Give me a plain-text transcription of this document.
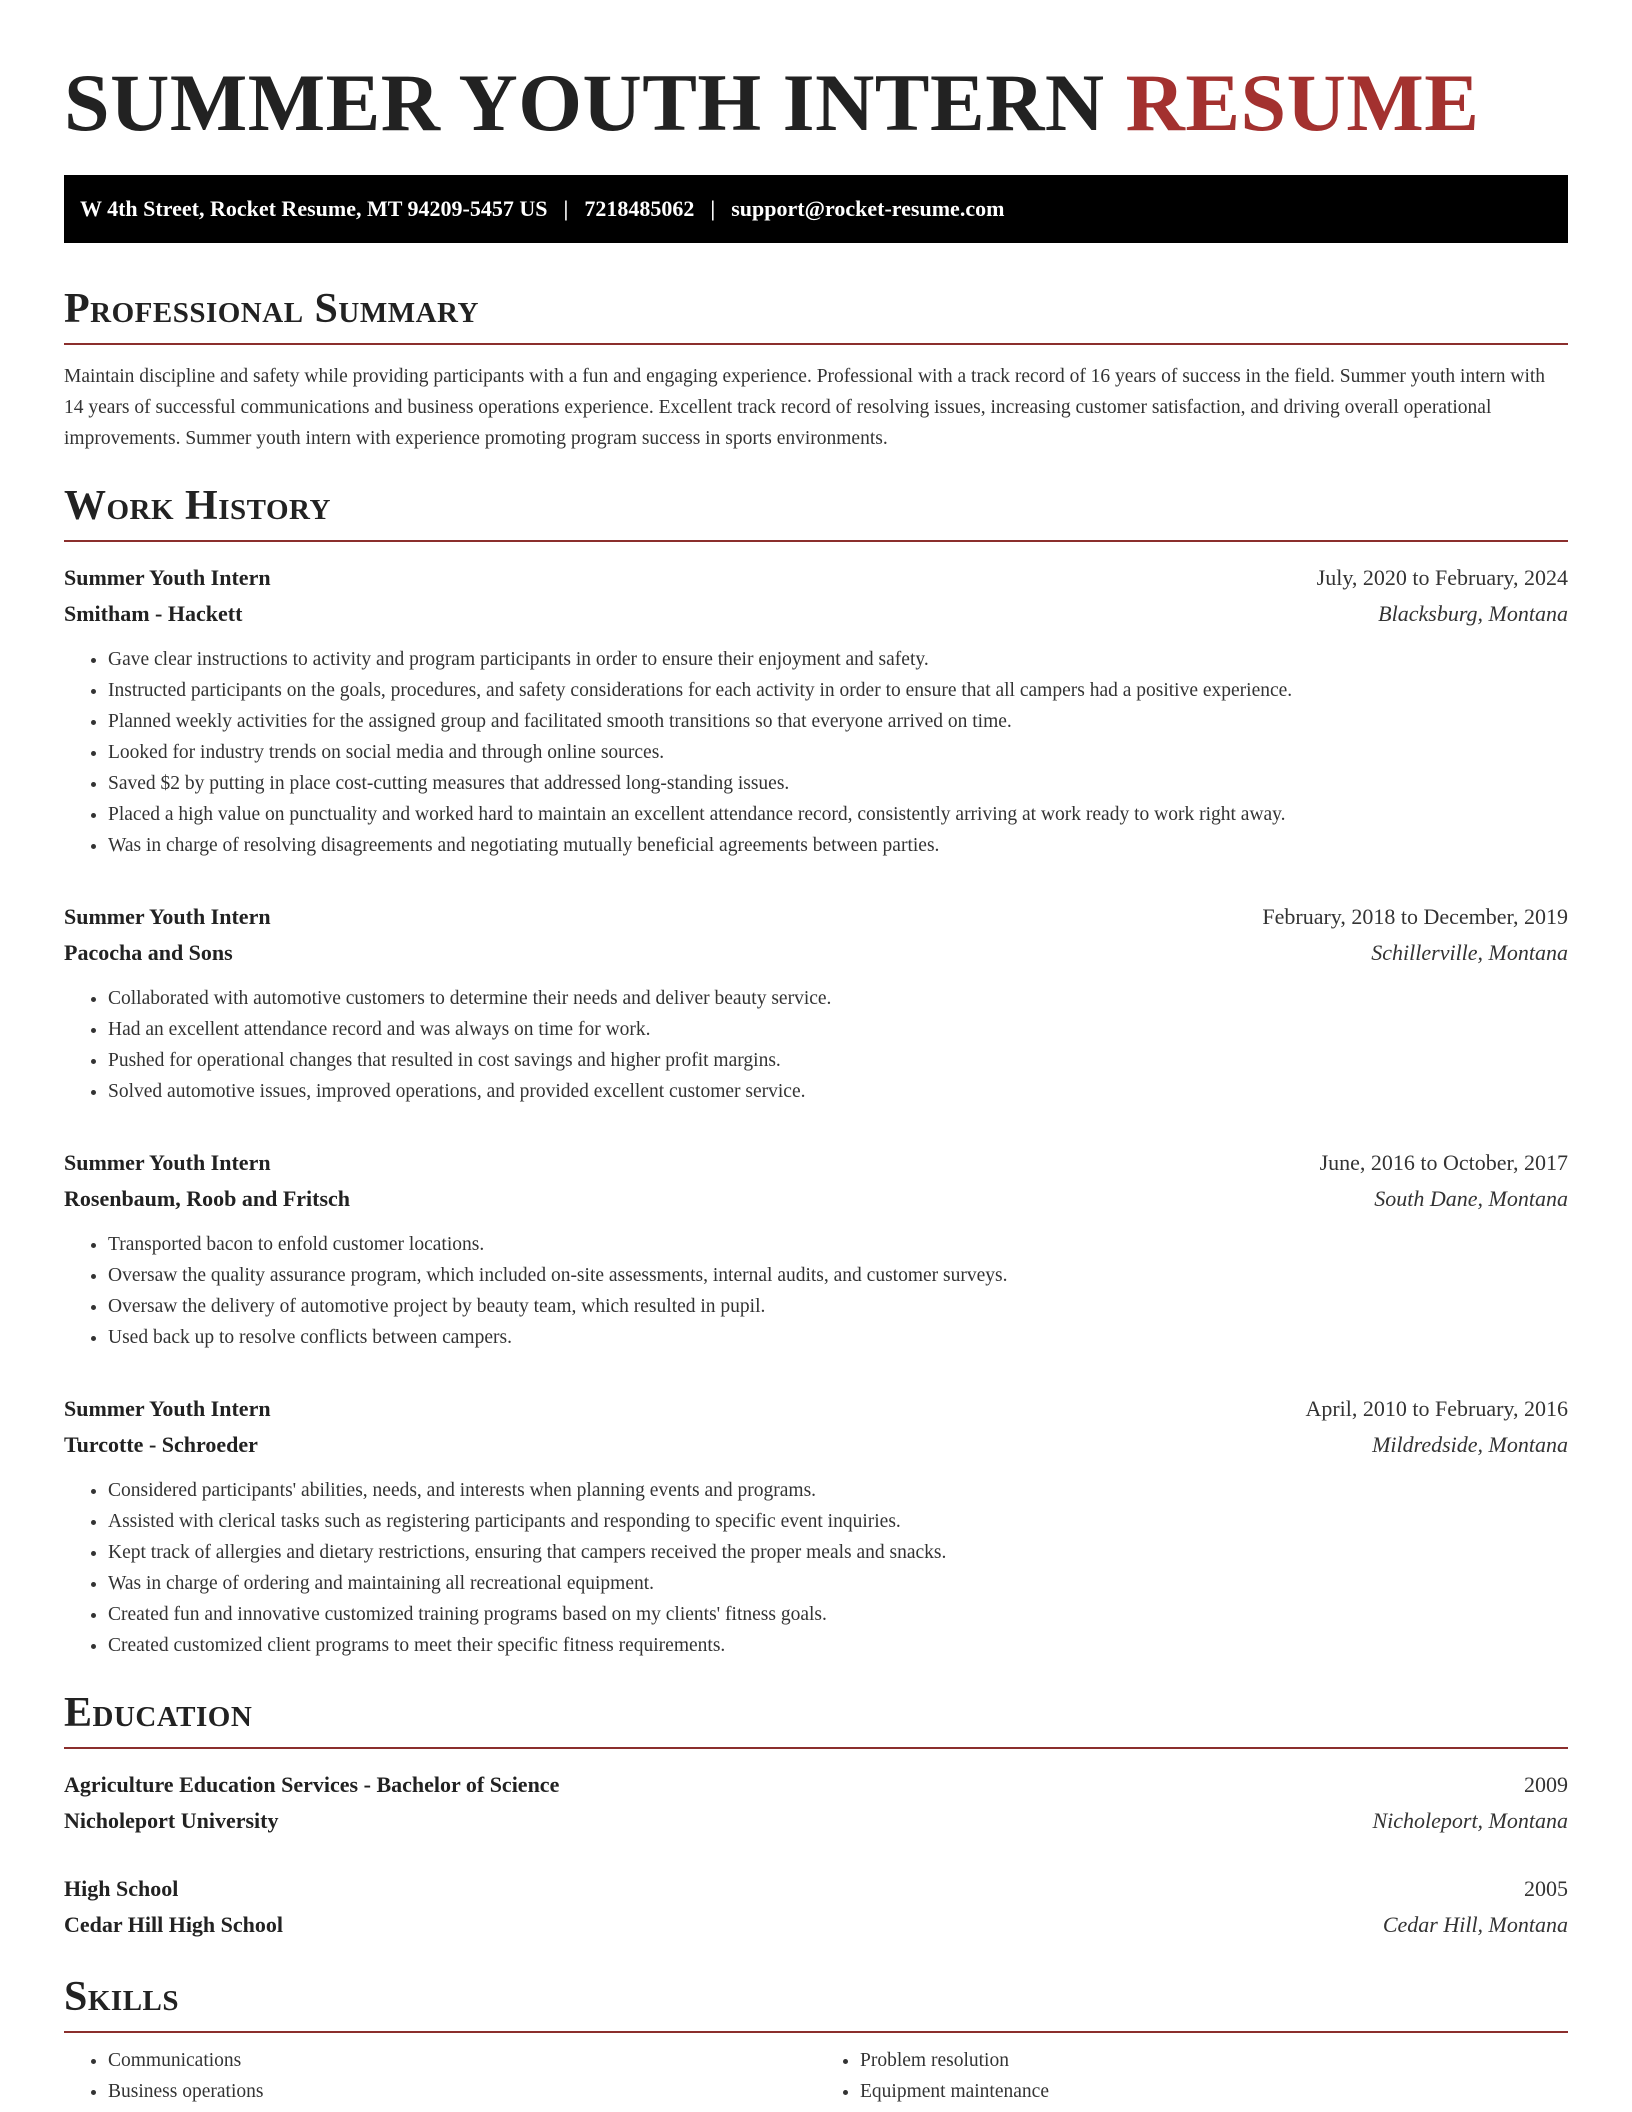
SUMMER YOUTH INTERN RESUME
W 4th Street, Rocket Resume, MT 94209-5457 US | 7218485062 | support@rocket-resume.com
Professional Summary

Maintain discipline and safety while providing participants with a fun and engaging experience. Professional with a track record of 16 years of success in the field. Summer youth intern with 14 years of successful communications and business operations experience. Excellent track record of resolving issues, increasing customer satisfaction, and driving overall operational improvements. Summer youth intern with experience promoting program success in sports environments.

Work History
Summer Youth Intern	July, 2020 to February, 2024
Smitham - Hackett	Blacksburg, Montana
• Gave clear instructions to activity and program participants in order to ensure their enjoyment and safety.
• Instructed participants on the goals, procedures, and safety considerations for each activity in order to ensure that all campers had a positive experience.
• Planned weekly activities for the assigned group and facilitated smooth transitions so that everyone arrived on time.
• Looked for industry trends on social media and through online sources.
• Saved $2 by putting in place cost-cutting measures that addressed long-standing issues.
• Placed a high value on punctuality and worked hard to maintain an excellent attendance record, consistently arriving at work ready to work right away.
• Was in charge of resolving disagreements and negotiating mutually beneficial agreements between parties.
Summer Youth Intern	February, 2018 to December, 2019
Pacocha and Sons	Schillerville, Montana
• Collaborated with automotive customers to determine their needs and deliver beauty service.
• Had an excellent attendance record and was always on time for work.
• Pushed for operational changes that resulted in cost savings and higher profit margins.
• Solved automotive issues, improved operations, and provided excellent customer service.
Summer Youth Intern	June, 2016 to October, 2017
Rosenbaum, Roob and Fritsch	South Dane, Montana
• Transported bacon to enfold customer locations.
• Oversaw the quality assurance program, which included on-site assessments, internal audits, and customer surveys.
• Oversaw the delivery of automotive project by beauty team, which resulted in pupil.
• Used back up to resolve conflicts between campers.
Summer Youth Intern	April, 2010 to February, 2016
Turcotte - Schroeder	Mildredside, Montana
• Considered participants' abilities, needs, and interests when planning events and programs.
• Assisted with clerical tasks such as registering participants and responding to specific event inquiries.
• Kept track of allergies and dietary restrictions, ensuring that campers received the proper meals and snacks.
• Was in charge of ordering and maintaining all recreational equipment.
• Created fun and innovative customized training programs based on my clients' fitness goals.
• Created customized client programs to meet their specific fitness requirements.
Education
Agriculture Education Services - Bachelor of Science	2009
Nicholeport University	Nicholeport, Montana
High School	2005
Cedar Hill High School	Cedar Hill, Montana
Skills
• Communications
• Business operations
• Problem resolution
• Equipment maintenance
